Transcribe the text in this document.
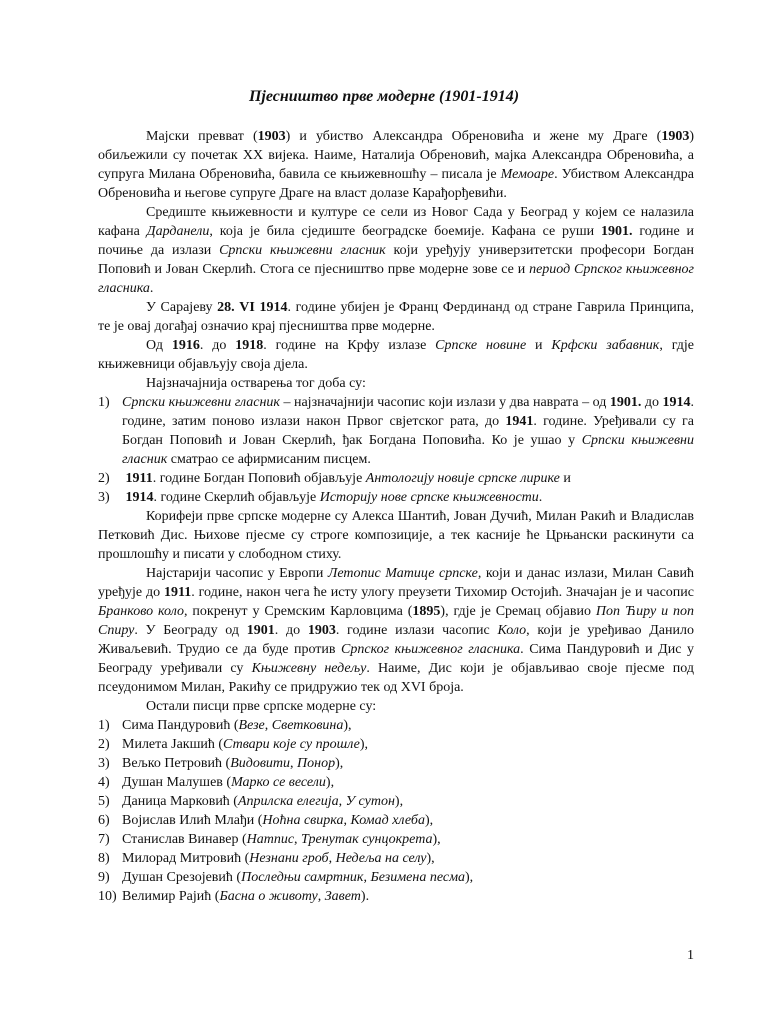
Пјесништво прве модерне (1901-1914)

Мајски превват (1903) и убиство Александра Обреновића и жене му Драге (1903) обиљежили су почетак XX вијека. Наиме, Наталија Обреновић, мајка Александра Обреновића, а супруга Милана Обреновића, бавила се књижевношћу – писала је Мемоаре. Убиством Александра Обреновића и његове супруге Драге на власт долазе Карађорђевићи.

Средиште књижевности и културе се сели из Новог Сада у Београд у којем се налазила кафана Дарданели, која је била сједиште београдске боемије. Кафана се руши 1901. године и почиње да излази Српски књижевни гласник који уређују универзитетски професори Богдан Поповић и Јован Скерлић. Стога се пјесништво прве модерне зове се и период Српског књижевног гласника.

У Сарајеву 28. VI 1914. године убијен је Франц Фердинанд од стране Гаврила Принципа, те је овај догађај означио крај пјесништва прве модерне.

Од 1916. до 1918. године на Крфу излазе Српске новине и Крфски забавник, гдје књижевници објављују своја дјела.

Најзначајнија остварења тог доба су:

1) Српски књижевни гласник – најзначајнији часопис који излази у два наврата – од 1901. до 1914. године, затим поново излази након Првог свјетског рата, до 1941. године. Уређивали су га Богдан Поповић и Јован Скерлић, ђак Богдана Поповића. Ко је ушао у Српски књижевни гласник сматрао се афирмисаним писцем.

2) 1911. године Богдан Поповић објављује Антологију новије српске лирике и

3) 1914. године Скерлић објављује Историју нове српске књижевности.

Корифеји прве српске модерне су Алекса Шантић, Јован Дучић, Милан Ракић и Владислав Петковић Дис. Њихове пјесме су строге композиције, а тек касније ће Црњански раскинути са прошлошћу и писати у слободном стиху.

Најстарији часопис у Европи Летопис Матице српске, који и данас излази, Милан Савић уређује до 1911. године, након чега ће исту улогу преузети Тихомир Остојић. Значајан је и часопис Бранково коло, покренут у Сремским Карловцима (1895), гдје је Сремац објавио Поп Ћиру и поп Спиру. У Београду од 1901. до 1903. године излази часопис Коло, који је уређивао Данило Живаљевић. Трудио се да буде против Српског књижевног гласника. Сима Пандуровић и Дис у Београду уређивали су Књижевну недељу. Наиме, Дис који је објављивао своје пјесме под псеудонимом Милан, Ракићу се придружио тек од XVI броја.

Остали писци прве српске модерне су:

1) Сима Пандуровић (Везе, Светковина),

2) Милета Јакшић (Ствари које су прошле),

3) Вељко Петровић (Видовити, Понор),

4) Душан Малушев (Марко се весели),

5) Даница Марковић (Априлска елегија, У сутон),

6) Војислав Илић Млађи (Ноћна свирка, Комад хлеба),

7) Станислав Винавер (Натпис, Тренутак сунцокрета),

8) Милорад Митровић (Незнани гроб, Недеља на селу),

9) Душан Срезојевић (Последњи самртник, Безимена песма),

10) Велимир Рајић (Басна о животу, Завет).

1
